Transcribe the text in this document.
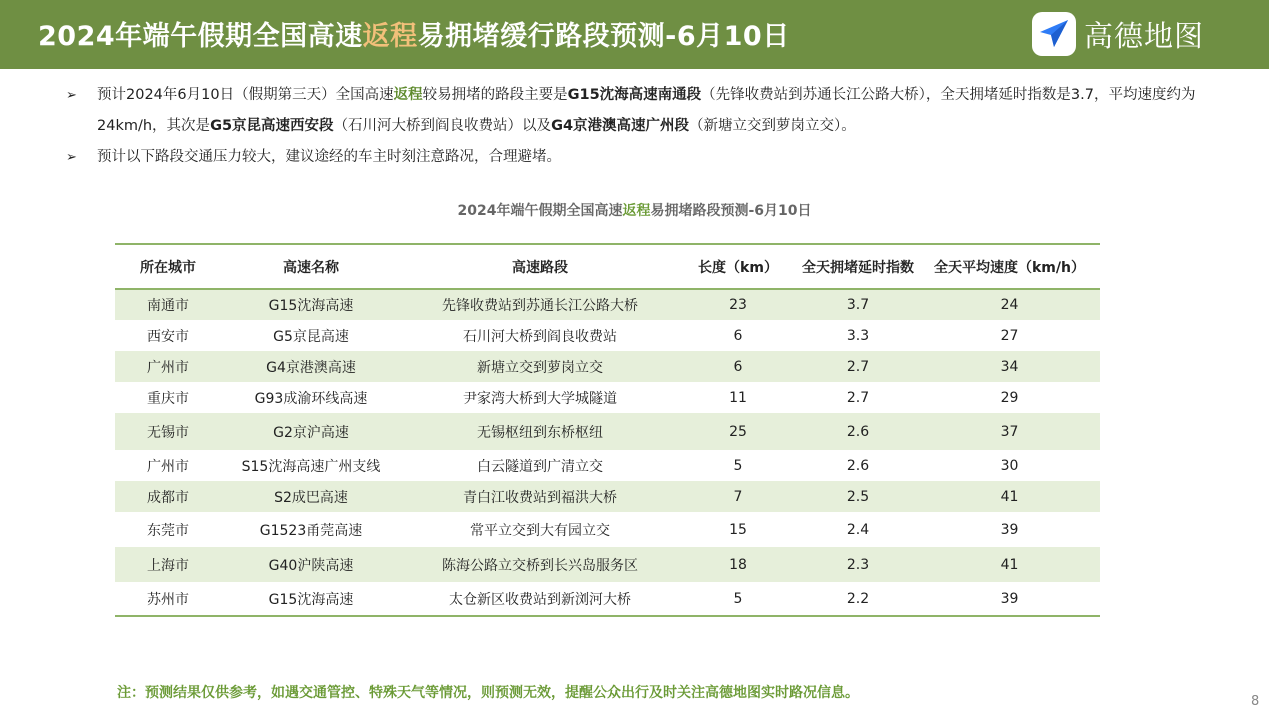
2024年端午假期全国高速返程易拥堵缓行路段预测-6月10日	高德地图
➢ 预计2024年6月10日（假期第三天）全国高速返程较易拥堵的路段主要是G15沈海高速南通段（先锋收费站到苏通长江公路大桥），全天拥堵延时指数是3.7，平均速度约为24km/h，其次是G5京昆高速西安段（石川河大桥到阎良收费站）以及G4京港澳高速广州段（新塘立交到萝岗立交）。
➢ 预计以下路段交通压力较大，建议途经的车主时刻注意路况，合理避堵。
2024年端午假期全国高速返程易拥堵路段预测-6月10日
所在城市	高速名称	高速路段	长度（km）	全天拥堵延时指数	全天平均速度（km/h）
南通市	G15沈海高速	先锋收费站到苏通长江公路大桥	23	3.7	24
西安市	G5京昆高速	石川河大桥到阎良收费站	6	3.3	27
广州市	G4京港澳高速	新塘立交到萝岗立交	6	2.7	34
重庆市	G93成渝环线高速	尹家湾大桥到大学城隧道	11	2.7	29
无锡市	G2京沪高速	无锡枢纽到东桥枢纽	25	2.6	37
广州市	S15沈海高速广州支线	白云隧道到广清立交	5	2.6	30
成都市	S2成巴高速	青白江收费站到福洪大桥	7	2.5	41
东莞市	G1523甬莞高速	常平立交到大有园立交	15	2.4	39
上海市	G40沪陕高速	陈海公路立交桥到长兴岛服务区	18	2.3	41
苏州市	G15沈海高速	太仓新区收费站到新浏河大桥	5	2.2	39
注：预测结果仅供参考，如遇交通管控、特殊天气等情况，则预测无效，提醒公众出行及时关注高德地图实时路况信息。
8
